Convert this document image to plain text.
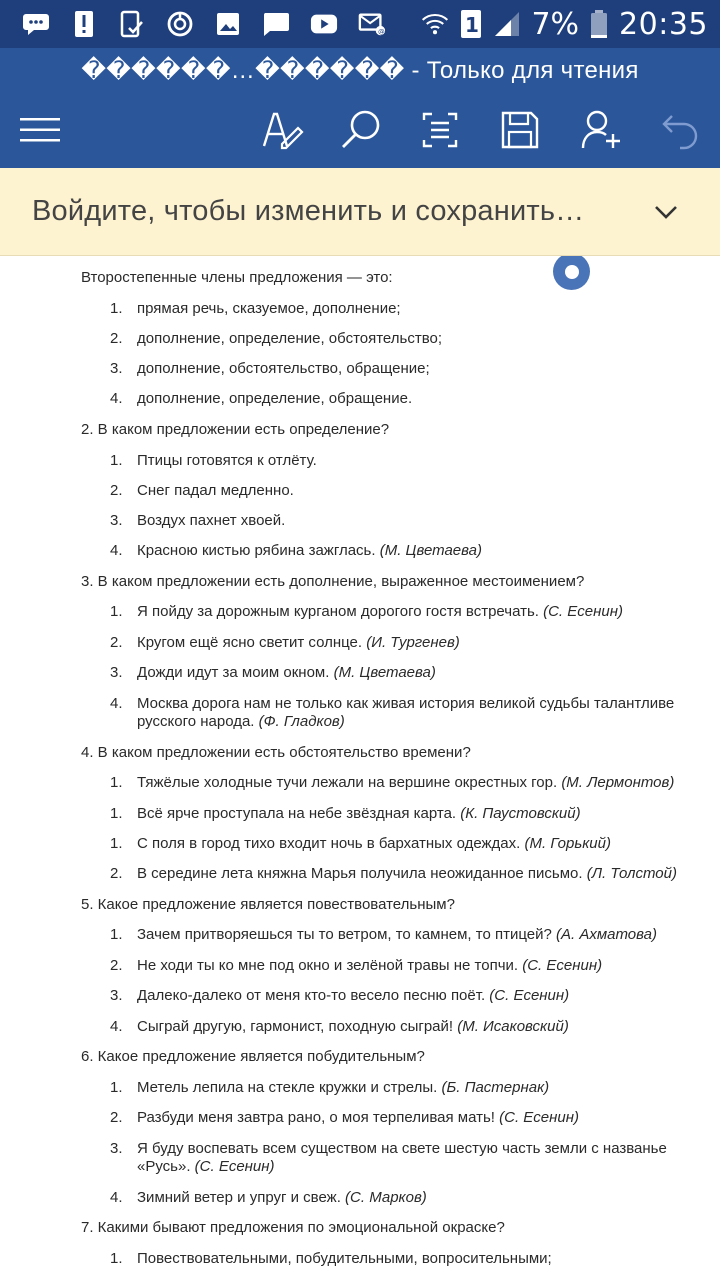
@	1 7% 20:35
������…������ - Только для чтения
Войдите, чтобы изменить и сохранить…
Второстепенные члены предложения — это:
1. прямая речь, сказуемое, дополнение;
2. дополнение, определение, обстоятельство;
3. дополнение, обстоятельство, обращение;
4. дополнение, определение, обращение.
2. В каком предложении есть определение?
1. Птицы готовятся к отлёту.
2. Снег падал медленно.
3. Воздух пахнет хвоей.
4. Красною кистью рябина зажглась. (М. Цветаева)
3. В каком предложении есть дополнение, выраженное местоимением?
1. Я пойду за дорожным курганом дорогого гостя встречать. (С. Есенин)
2. Кругом ещё ясно светит солнце. (И. Тургенев)
3. Дожди идут за моим окном. (М. Цветаева)
4. Москва дорога нам не только как живая история великой судьбы талантливе
русского народа. (Ф. Гладков)
4. В каком предложении есть обстоятельство времени?
1. Тяжёлые холодные тучи лежали на вершине окрестных гор. (М. Лермонтов)
1. Всё ярче проступала на небе звёздная карта. (К. Паустовский)
1. С поля в город тихо входит ночь в бархатных одеждах. (М. Горький)
2. В середине лета княжна Марья получила неожиданное письмо. (Л. Толстой)
5. Какое предложение является повествовательным?
1. Зачем притворяешься ты то ветром, то камнем, то птицей? (А. Ахматова)
2. Не ходи ты ко мне под окно и зелёной травы не топчи. (С. Есенин)
3. Далеко-далеко от меня кто-то весело песню поёт. (С. Есенин)
4. Сыграй другую, гармонист, походную сыграй! (М. Исаковский)
6. Какое предложение является побудительным?
1. Метель лепила на стекле кружки и стрелы. (Б. Пастернак)
2. Разбуди меня завтра рано, о моя терпеливая мать! (С. Есенин)
3. Я буду воспевать всем существом на свете шестую часть земли с названье
«Русь». (С. Есенин)
4. Зимний ветер и упруг и свеж. (С. Марков)
7. Какими бывают предложения по эмоциональной окраске?
1. Повествовательными, побудительными, вопросительными;
